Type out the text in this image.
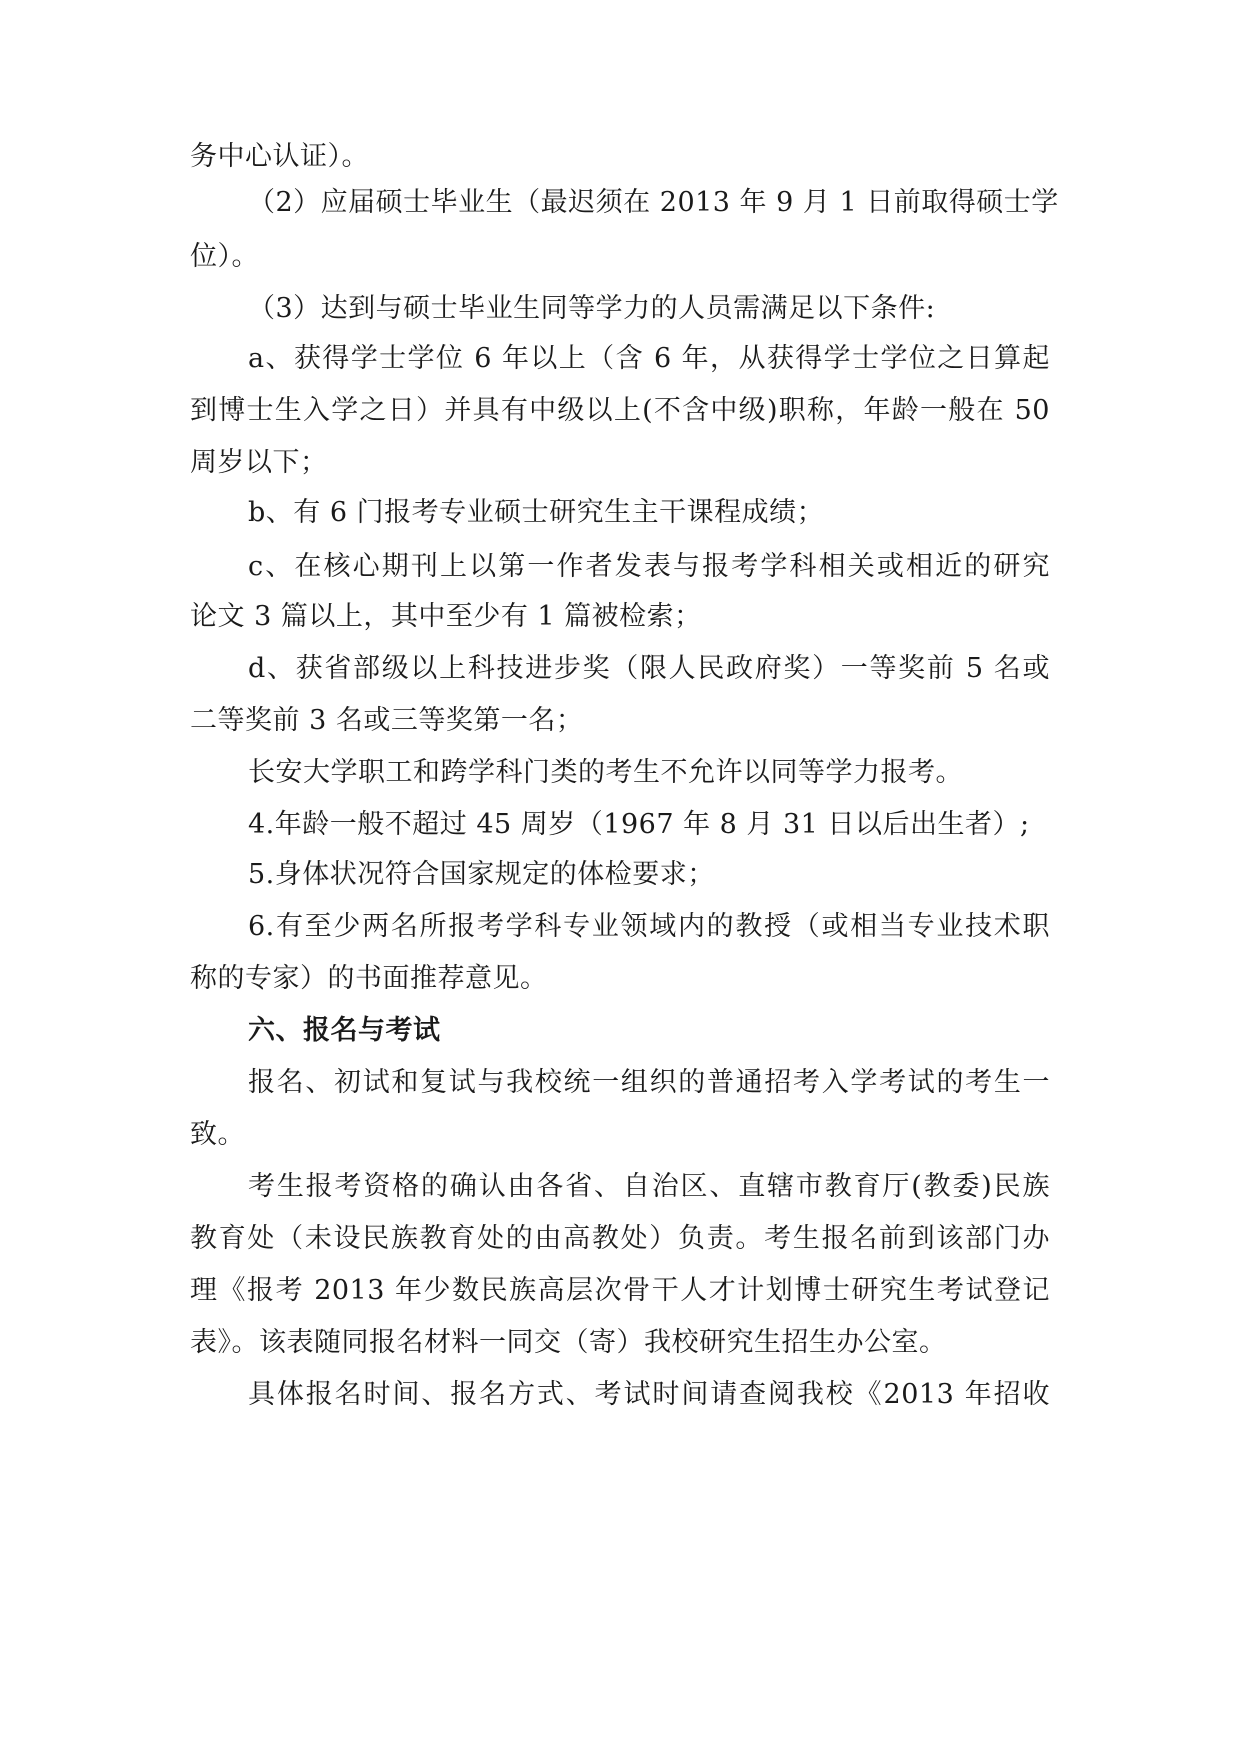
务中心认证）。
（2）应届硕士毕业生（最迟须在 2013 年 9 月 1 日前取得硕士学
位）。
（3）达到与硕士毕业生同等学力的人员需满足以下条件:
a、获得学士学位 6 年以上（含 6 年，从获得学士学位之日算起
到博士生入学之日）并具有中级以上(不含中级)职称，年龄一般在 50
周岁以下；
b、有 6 门报考专业硕士研究生主干课程成绩；
c、在核心期刊上以第一作者发表与报考学科相关或相近的研究
论文 3 篇以上，其中至少有 1 篇被检索；
d、获省部级以上科技进步奖（限人民政府奖）一等奖前 5 名或
二等奖前 3 名或三等奖第一名；
长安大学职工和跨学科门类的考生不允许以同等学力报考。
4.年龄一般不超过 45 周岁（1967 年 8 月 31 日以后出生者）;
5.身体状况符合国家规定的体检要求；
6.有至少两名所报考学科专业领域内的教授（或相当专业技术职
称的专家）的书面推荐意见。
六、报名与考试
报名、初试和复试与我校统一组织的普通招考入学考试的考生一
致。
考生报考资格的确认由各省、自治区、直辖市教育厅(教委)民族
教育处（未设民族教育处的由高教处）负责。考生报名前到该部门办
理《报考 2013 年少数民族高层次骨干人才计划博士研究生考试登记
表》。该表随同报名材料一同交（寄）我校研究生招生办公室。
具体报名时间、报名方式、考试时间请查阅我校《2013 年招收
